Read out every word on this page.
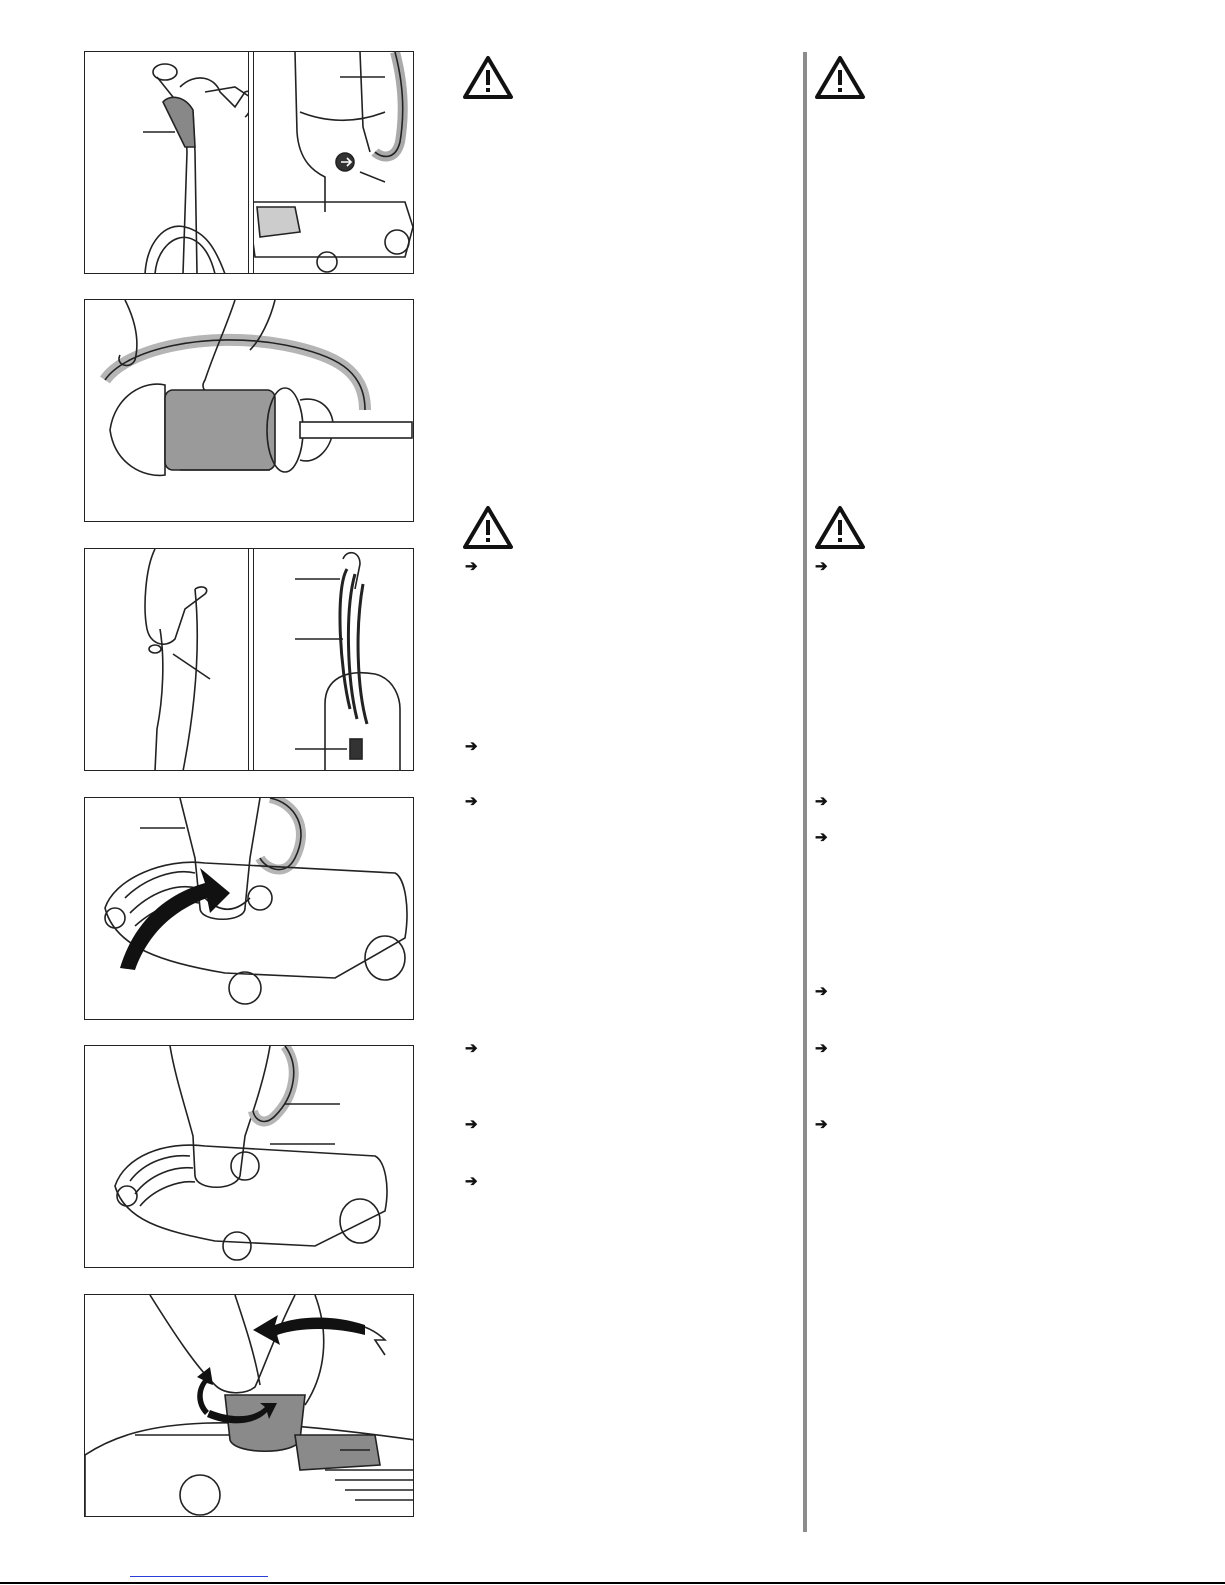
➔
➔
➔
➔
➔
➔
➔
➔
➔
➔
➔
➔
